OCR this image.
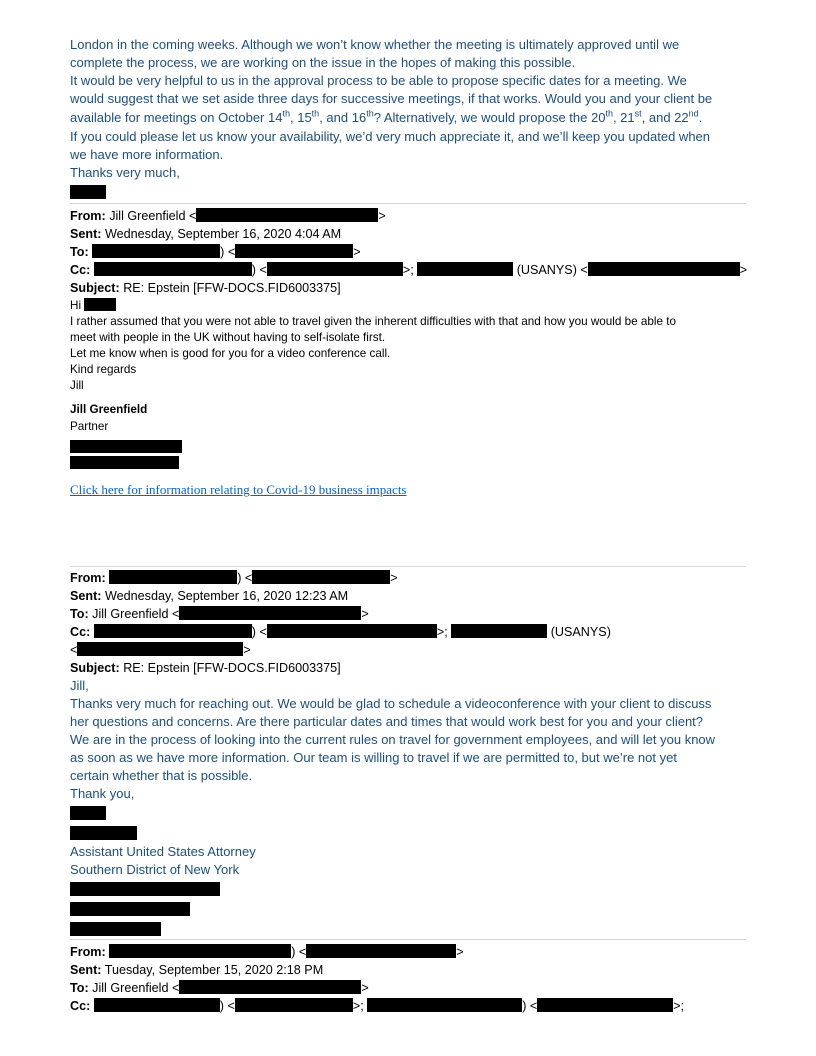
London in the coming weeks. Although we won’t know whether the meeting is ultimately approved until we
complete the process, we are working on the issue in the hopes of making this possible.
It would be very helpful to us in the approval process to be able to propose specific dates for a meeting. We
would suggest that we set aside three days for successive meetings, if that works. Would you and your client be
available for meetings on October 14th, 15th, and 16th? Alternatively, we would propose the 20th, 21st, and 22nd.
If you could please let us know your availability, we’d very much appreciate it, and we’ll keep you updated when
we have more information.
Thanks very much,
From: Jill Greenfield <	>
Sent: Wednesday, September 16, 2020 4:04 AM
To:	) <	>
Cc:	) <	>;	(USANYS) <	>
Subject: RE: Epstein [FFW-DOCS.FID6003375]
Hi
I rather assumed that you were not able to travel given the inherent difficulties with that and how you would be able to
meet with people in the UK without having to self-isolate first.
Let me know when is good for you for a video conference call.
Kind regards
Jill
Jill Greenfield
Partner
Click here for information relating to Covid-19 business impacts
From:	) <	>
Sent: Wednesday, September 16, 2020 12:23 AM
To: Jill Greenfield <	>
Cc:	) <	>;	(USANYS)
<	>
Subject: RE: Epstein [FFW-DOCS.FID6003375]
Jill,
Thanks very much for reaching out. We would be glad to schedule a videoconference with your client to discuss
her questions and concerns. Are there particular dates and times that would work best for you and your client?
We are in the process of looking into the current rules on travel for government employees, and will let you know
as soon as we have more information. Our team is willing to travel if we are permitted to, but we’re not yet
certain whether that is possible.
Thank you,
Assistant United States Attorney
Southern District of New York
From:	) <	>
Sent: Tuesday, September 15, 2020 2:18 PM
To: Jill Greenfield <	>
Cc:	) <	>;	) <	>;
